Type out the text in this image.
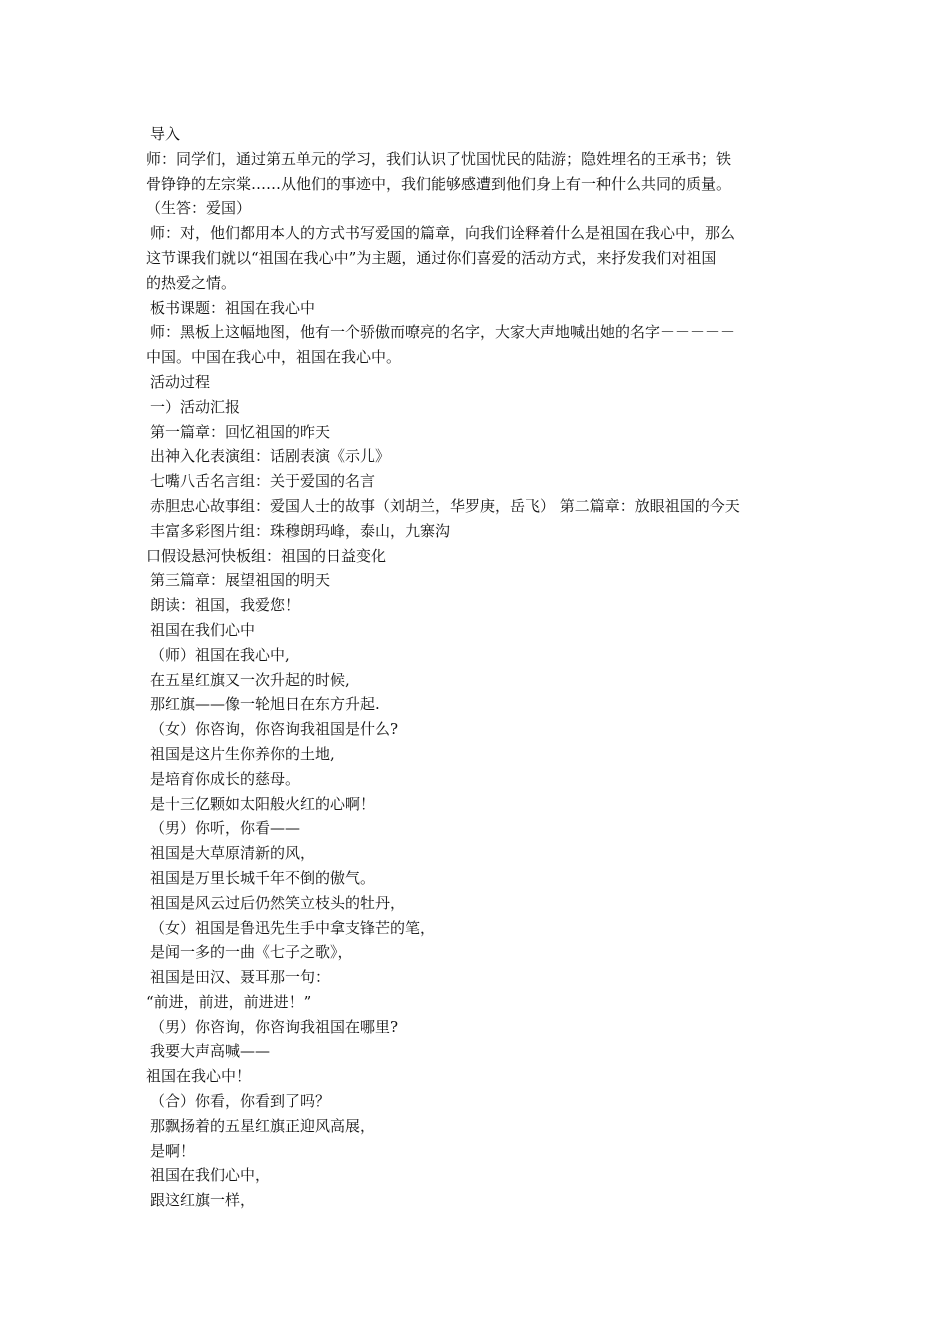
导入
师：同学们，通过第五单元的学习，我们认识了忧国忧民的陆游；隐姓埋名的王承书；铁
骨铮铮的左宗棠……从他们的事迹中，我们能够感遭到他们身上有一种什么共同的质量。
（生答：爱国）
师：对，他们都用本人的方式书写爱国的篇章，向我们诠释着什么是祖国在我心中，那么
这节课我们就以“祖国在我心中”为主题，通过你们喜爱的活动方式，来抒发我们对祖国
的热爱之情。
板书课题：祖国在我心中
师：黑板上这幅地图，他有一个骄傲而嘹亮的名字，大家大声地喊出她的名字－－－－－
中国。中国在我心中，祖国在我心中。
活动过程
一）活动汇报
第一篇章：回忆祖国的昨天
出神入化表演组：话剧表演《示儿》
七嘴八舌名言组：关于爱国的名言
赤胆忠心故事组：爱国人士的故事（刘胡兰，华罗庚，岳飞） 第二篇章：放眼祖国的今天
丰富多彩图片组：珠穆朗玛峰，泰山，九寨沟
口假设悬河快板组：祖国的日益变化
第三篇章：展望祖国的明天
朗读：祖国，我爱您！
祖国在我们心中
（师）祖国在我心中,
在五星红旗又一次升起的时候,
那红旗——像一轮旭日在东方升起.
（女）你咨询，你咨询我祖国是什么?
祖国是这片生你养你的土地,
是培育你成长的慈母。
是十三亿颗如太阳般火红的心啊！
（男）你听，你看——
祖国是大草原清新的风，
祖国是万里长城千年不倒的傲气。
祖国是风云过后仍然笑立枝头的牡丹，
（女）祖国是鲁迅先生手中拿支锋芒的笔，
是闻一多的一曲《七子之歌》，
祖国是田汉、聂耳那一句：
“前进，前进，前进进！”
（男）你咨询，你咨询我祖国在哪里?
我要大声高喊——
祖国在我心中！
（合）你看，你看到了吗？
那飘扬着的五星红旗正迎风高展，
是啊！
祖国在我们心中，
跟这红旗一样，
